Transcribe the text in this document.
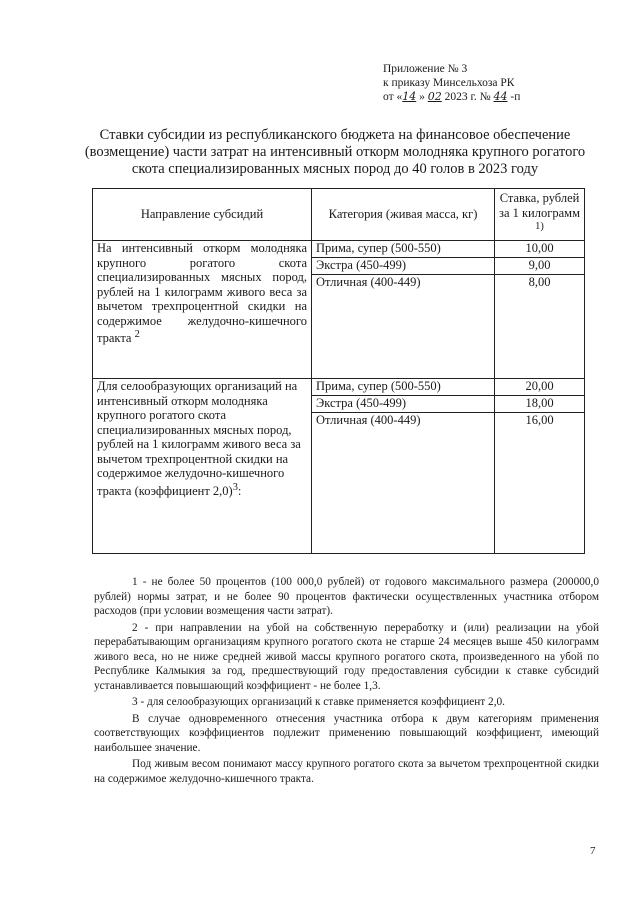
Приложение № 3
к приказу Минсельхоза РК
от «14 » 02 2023 г. № 44 -п
Ставки субсидии из республиканского бюджета на финансовое обеспечение (возмещение) части затрат на интенсивный откорм молодняка крупного рогатого скота специализированных мясных пород до 40 голов в 2023 году
Направление субсидий	Категория (живая масса, кг)	Ставка, рублей за 1 килограмм $^{1)}$
На интенсивный откорм молодняка крупного рогатого скота специализированных мясных пород, рублей на 1 килограмм живого веса за вычетом трехпроцентной скидки на содержимое желудочно-кишечного тракта $^2$	Прима, супер (500-550)	10,00
	Экстра (450-499)	9,00
	Отличная (400-449)	8,00
Для селообразующих организаций на интенсивный откорм молодняка крупного рогатого скота специализированных мясных пород, рублей на 1 килограмм живого веса за вычетом трехпроцентной скидки на содержимое желудочно-кишечного тракта (коэффициент 2,0)$^3$:	Прима, супер (500-550)	20,00
	Экстра (450-499)	18,00
	Отличная (400-449)	16,00

1 - не более 50 процентов (100 000,0 рублей) от годового максимального размера (200000,0 рублей) нормы затрат, и не более 90 процентов фактически осуществленных участника отбором расходов (при условии возмещения части затрат).

2 - при направлении на убой на собственную переработку и (или) реализации на убой перерабатывающим организациям крупного рогатого скота не старше 24 месяцев выше 450 килограмм живого веса, но не ниже средней живой массы крупного рогатого скота, произведенного на убой по Республике Калмыкия за год, предшествующий году предоставления субсидии к ставке субсидий устанавливается повышающий коэффициент - не более 1,3.

3 - для селообразующих организаций к ставке применяется коэффициент 2,0.

В случае одновременного отнесения участника отбора к двум категориям применения соответствующих коэффициентов подлежит применению повышающий коэффициент, имеющий наибольшее значение.

Под живым весом понимают массу крупного рогатого скота за вычетом трехпроцентной скидки на содержимое желудочно-кишечного тракта.

7
